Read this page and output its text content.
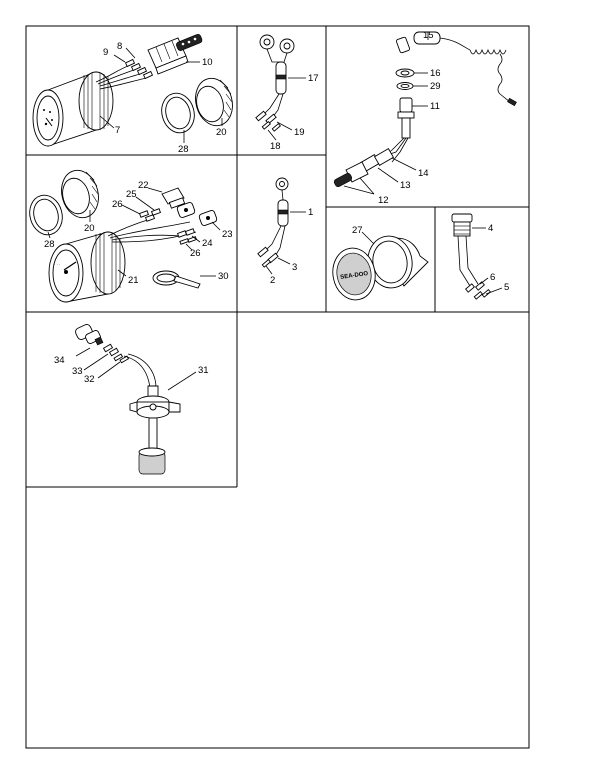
8
9
10
7
28
20
17
19
18
15
16
29
11
14
13
12
· · ·
28
20
22
25
26
23
24
26
21	30
1
3
2	SEA-DOO
27	4
6
5
34
33
32
31
